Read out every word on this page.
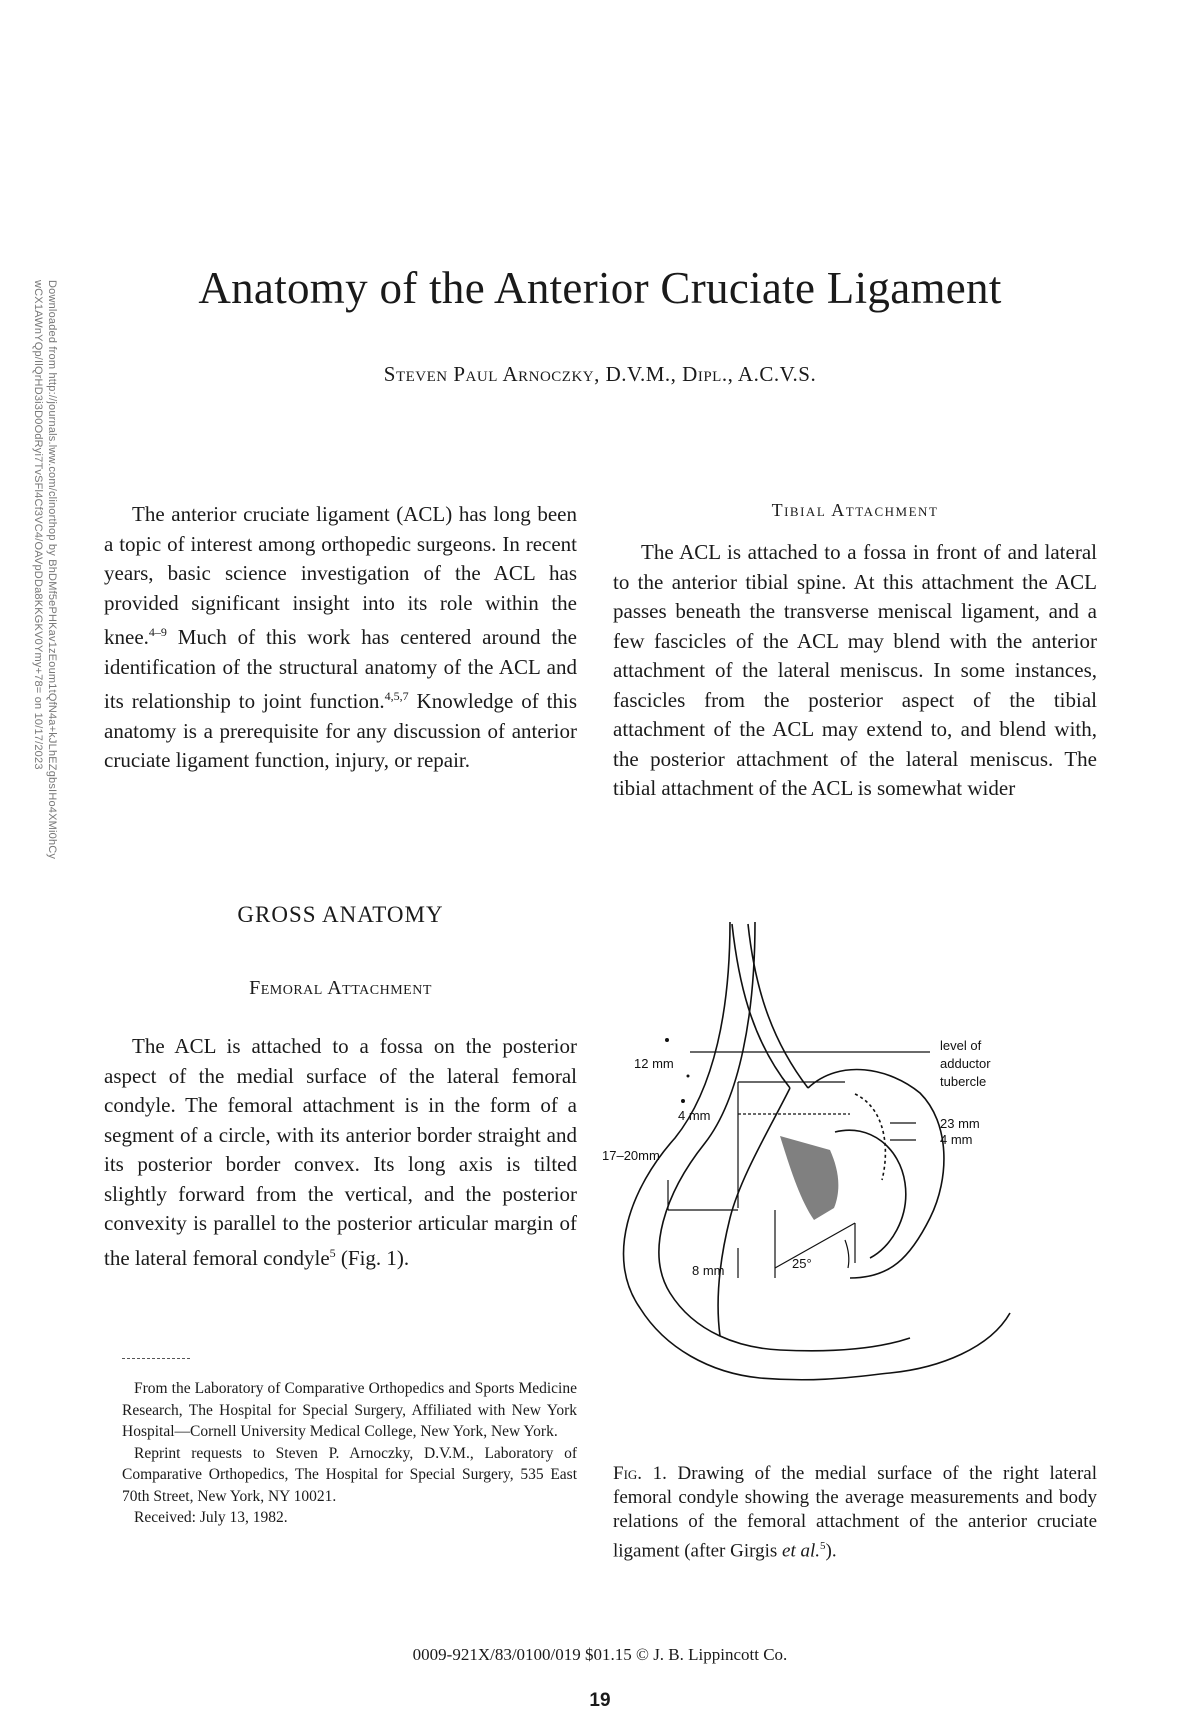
Downloaded from http://journals.lww.com/clinorthop by BhDMf5ePHKav1zEoum1tQfN4a+kJLhEZgbsIHo4XMi0hCy
wCX1AWnYQp/IlQrHD3i3D0OdRyi7TvSFl4Cf3VC4/OAVpDDa8KKGKV0Ymy+78= on 10/17/2023	Anatomy of the Anterior Cruciate Ligament
Steven Paul Arnoczky, D.V.M., Dipl., A.C.V.S.

The anterior cruciate ligament (ACL) has long been a topic of interest among orthopedic surgeons. In recent years, basic science investigation of the ACL has provided significant insight into its role within the knee.$^{4-9}$ Much of this work has centered around the identification of the structural anatomy of the ACL and its relationship to joint function.$^{4,5,7}$ Knowledge of this anatomy is a prerequisite for any discussion of anterior cruciate ligament function, injury, or repair.

GROSS ANATOMY
Femoral Attachment

The ACL is attached to a fossa on the posterior aspect of the medial surface of the lateral femoral condyle. The femoral attachment is in the form of a segment of a circle, with its anterior border straight and its posterior border convex. Its long axis is tilted slightly forward from the vertical, and the posterior convexity is parallel to the posterior articular margin of the lateral femoral condyle$^5$ (Fig. 1).

From the Laboratory of Comparative Orthopedics and Sports Medicine Research, The Hospital for Special Surgery, Affiliated with New York Hospital—Cornell University Medical College, New York, New York.

Reprint requests to Steven P. Arnoczky, D.V.M., Laboratory of Comparative Orthopedics, The Hospital for Special Surgery, 535 East 70th Street, New York, NY 10021.

Received: July 13, 1982.

Tibial Attachment

The ACL is attached to a fossa in front of and lateral to the anterior tibial spine. At this attachment the ACL passes beneath the transverse meniscal ligament, and a few fascicles of the ACL may blend with the anterior attachment of the lateral meniscus. In some instances, fascicles from the posterior aspect of the tibial attachment of the ACL may extend to, and blend with, the posterior attachment of the lateral meniscus. The tibial attachment of the ACL is somewhat wider

level of
adductor
tubercle
23 mm
4 mm
12 mm
4 mm
17–20mm
8 mm	25°
Fig. 1. Drawing of the medial surface of the right lateral femoral condyle showing the average measurements and body relations of the femoral attachment of the anterior cruciate ligament (after Girgis et al.$^5$).
0009-921X/83/0100/019 $01.15 © J. B. Lippincott Co.
19
